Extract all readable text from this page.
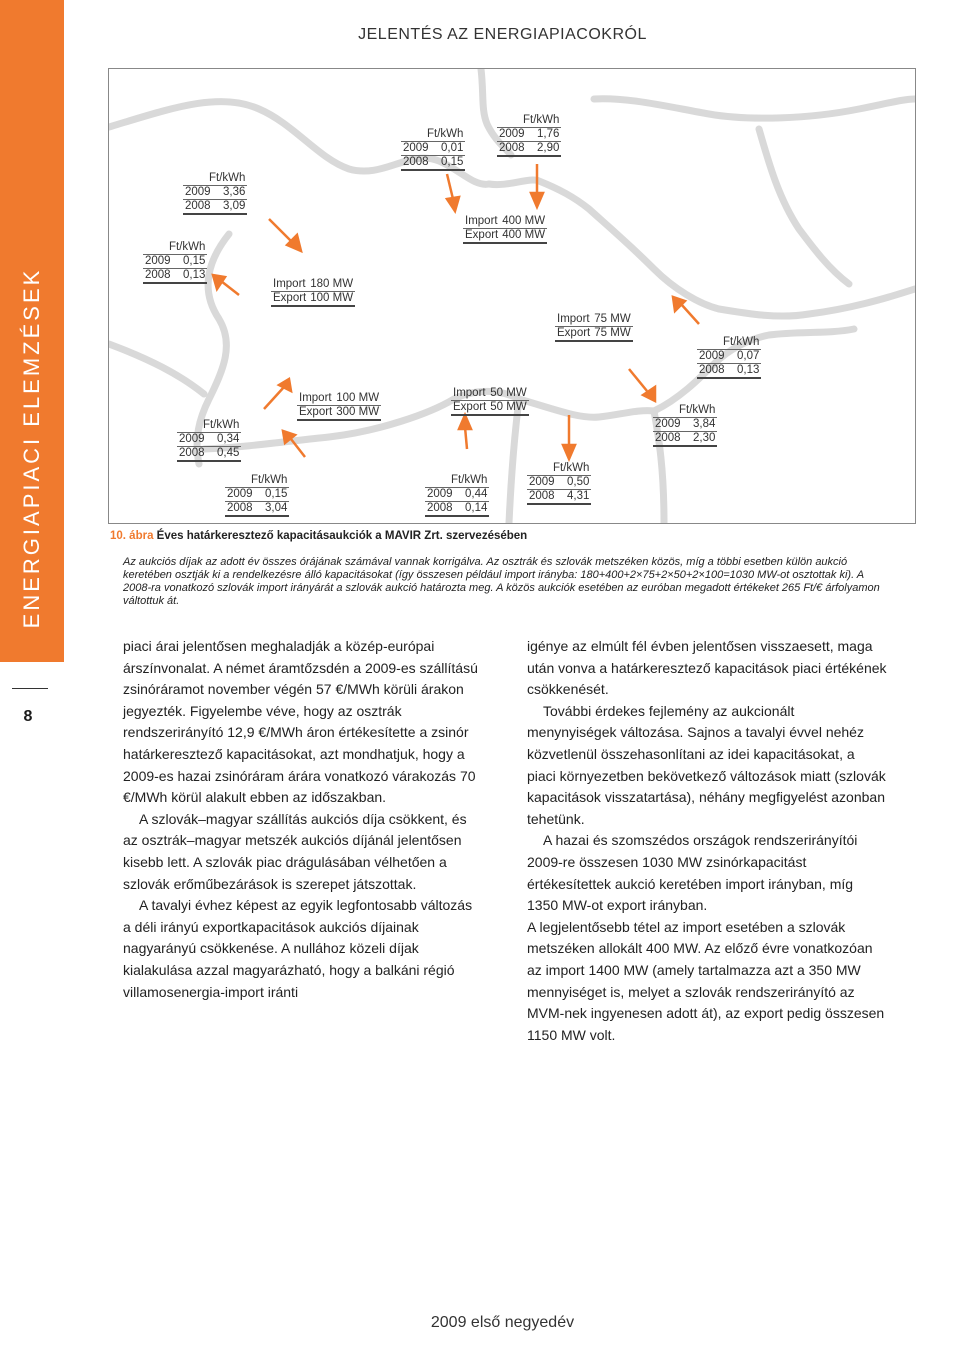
JELENTÉS AZ ENERGIAPIACOKRÓL
ENERGIAPIACI ELEMZÉSEK
8
Ft/kWh	
2009	0,15
2008	0,13
Ft/kWh	
2009	3,36
2008	3,09
Ft/kWh	
2009	0,01
2008	0,15
Ft/kWh	
2009	1,76
2008	2,90
Ft/kWh	
2009	0,07
2008	0,13
Ft/kWh	
2009	3,84
2008	2,30
Ft/kWh	
2009	0,34
2008	0,45
Ft/kWh	
2009	0,15
2008	3,04
Ft/kWh	
2009	0,44
2008	0,14
Ft/kWh	
2009	0,50
2008	4,31
Import	400 MW
Export	400 MW
Import	180 MW
Export	100 MW
Import	75 MW
Export	75 MW
Import	100 MW
Export	300 MW
Import	50 MW
Export	50 MW
10. ábra Éves határkeresztező kapacitásaukciók a MAVIR Zrt. szervezésében

Az aukciós díjak az adott év összes órájának számával vannak korrigálva. Az osztrák és szlovák metszéken közös, míg a többi esetben külön aukció keretében osztják ki a rendelkezésre álló kapacitásokat (így összesen például import irányba: 180+400+2×75+2×50+2×100=1030 MW-ot osztottak ki). A 2008-ra vonatkozó szlovák import irányárát a szlovák aukció határozta meg. A közös aukciók esetében az euróban megadott értékeket 265 Ft/€ árfolyamon váltottuk át.

piaci árai jelentősen meghaladják a közép-európai árszínvonalat. A német áramtőzsdén a 2009-es szállítású zsinóráramot november végén 57 €/MWh körüli árakon jegyezték. Figyelembe véve, hogy az osztrák rendszerirányító 12,9 €/MWh áron értékesítette a zsinór határkeresztező kapacitásokat, azt mondhatjuk, hogy a 2009-es hazai zsinóráram árára vonatkozó várakozás 70 €/MWh körül alakult ebben az időszakban.

A szlovák–magyar szállítás aukciós díja csökkent, és az osztrák–magyar metszék aukciós díjánál jelentősen kisebb lett. A szlovák piac drágulásában vélhetően a szlovák erőműbezárások is szerepet játszottak.

A tavalyi évhez képest az egyik legfontosabb változás a déli irányú exportkapacitások aukciós díjainak nagyarányú csökkenése. A nullához közeli díjak kialakulása azzal magyarázható, hogy a balkáni régió villamosenergia-import iránti

igénye az elmúlt fél évben jelentősen visszaesett, maga után vonva a határkeresztező kapacitások piaci értékének csökkenését.

További érdekes fejlemény az aukcionált menynyiségek változása. Sajnos a tavalyi évvel nehéz közvetlenül összehasonlítani az idei kapacitásokat, a piaci környezetben bekövetkező változások miatt (szlovák kapacitások visszatartása), néhány megfigyelést azonban tehetünk.

A hazai és szomszédos országok rendszerirányítói 2009-re összesen 1030 MW zsinórkapacitást értékesítettek aukció keretében import irányban, míg 1350 MW-ot export irányban.

A legjelentősebb tétel az import esetében a szlovák metszéken allokált 400 MW. Az előző évre vonatkozóan az import 1400 MW (amely tartalmazza azt a 350 MW mennyiséget is, melyet a szlovák rendszerirányító az MVM-nek ingyenesen adott át), az export pedig összesen 1150 MW volt.

2009 első negyedév
